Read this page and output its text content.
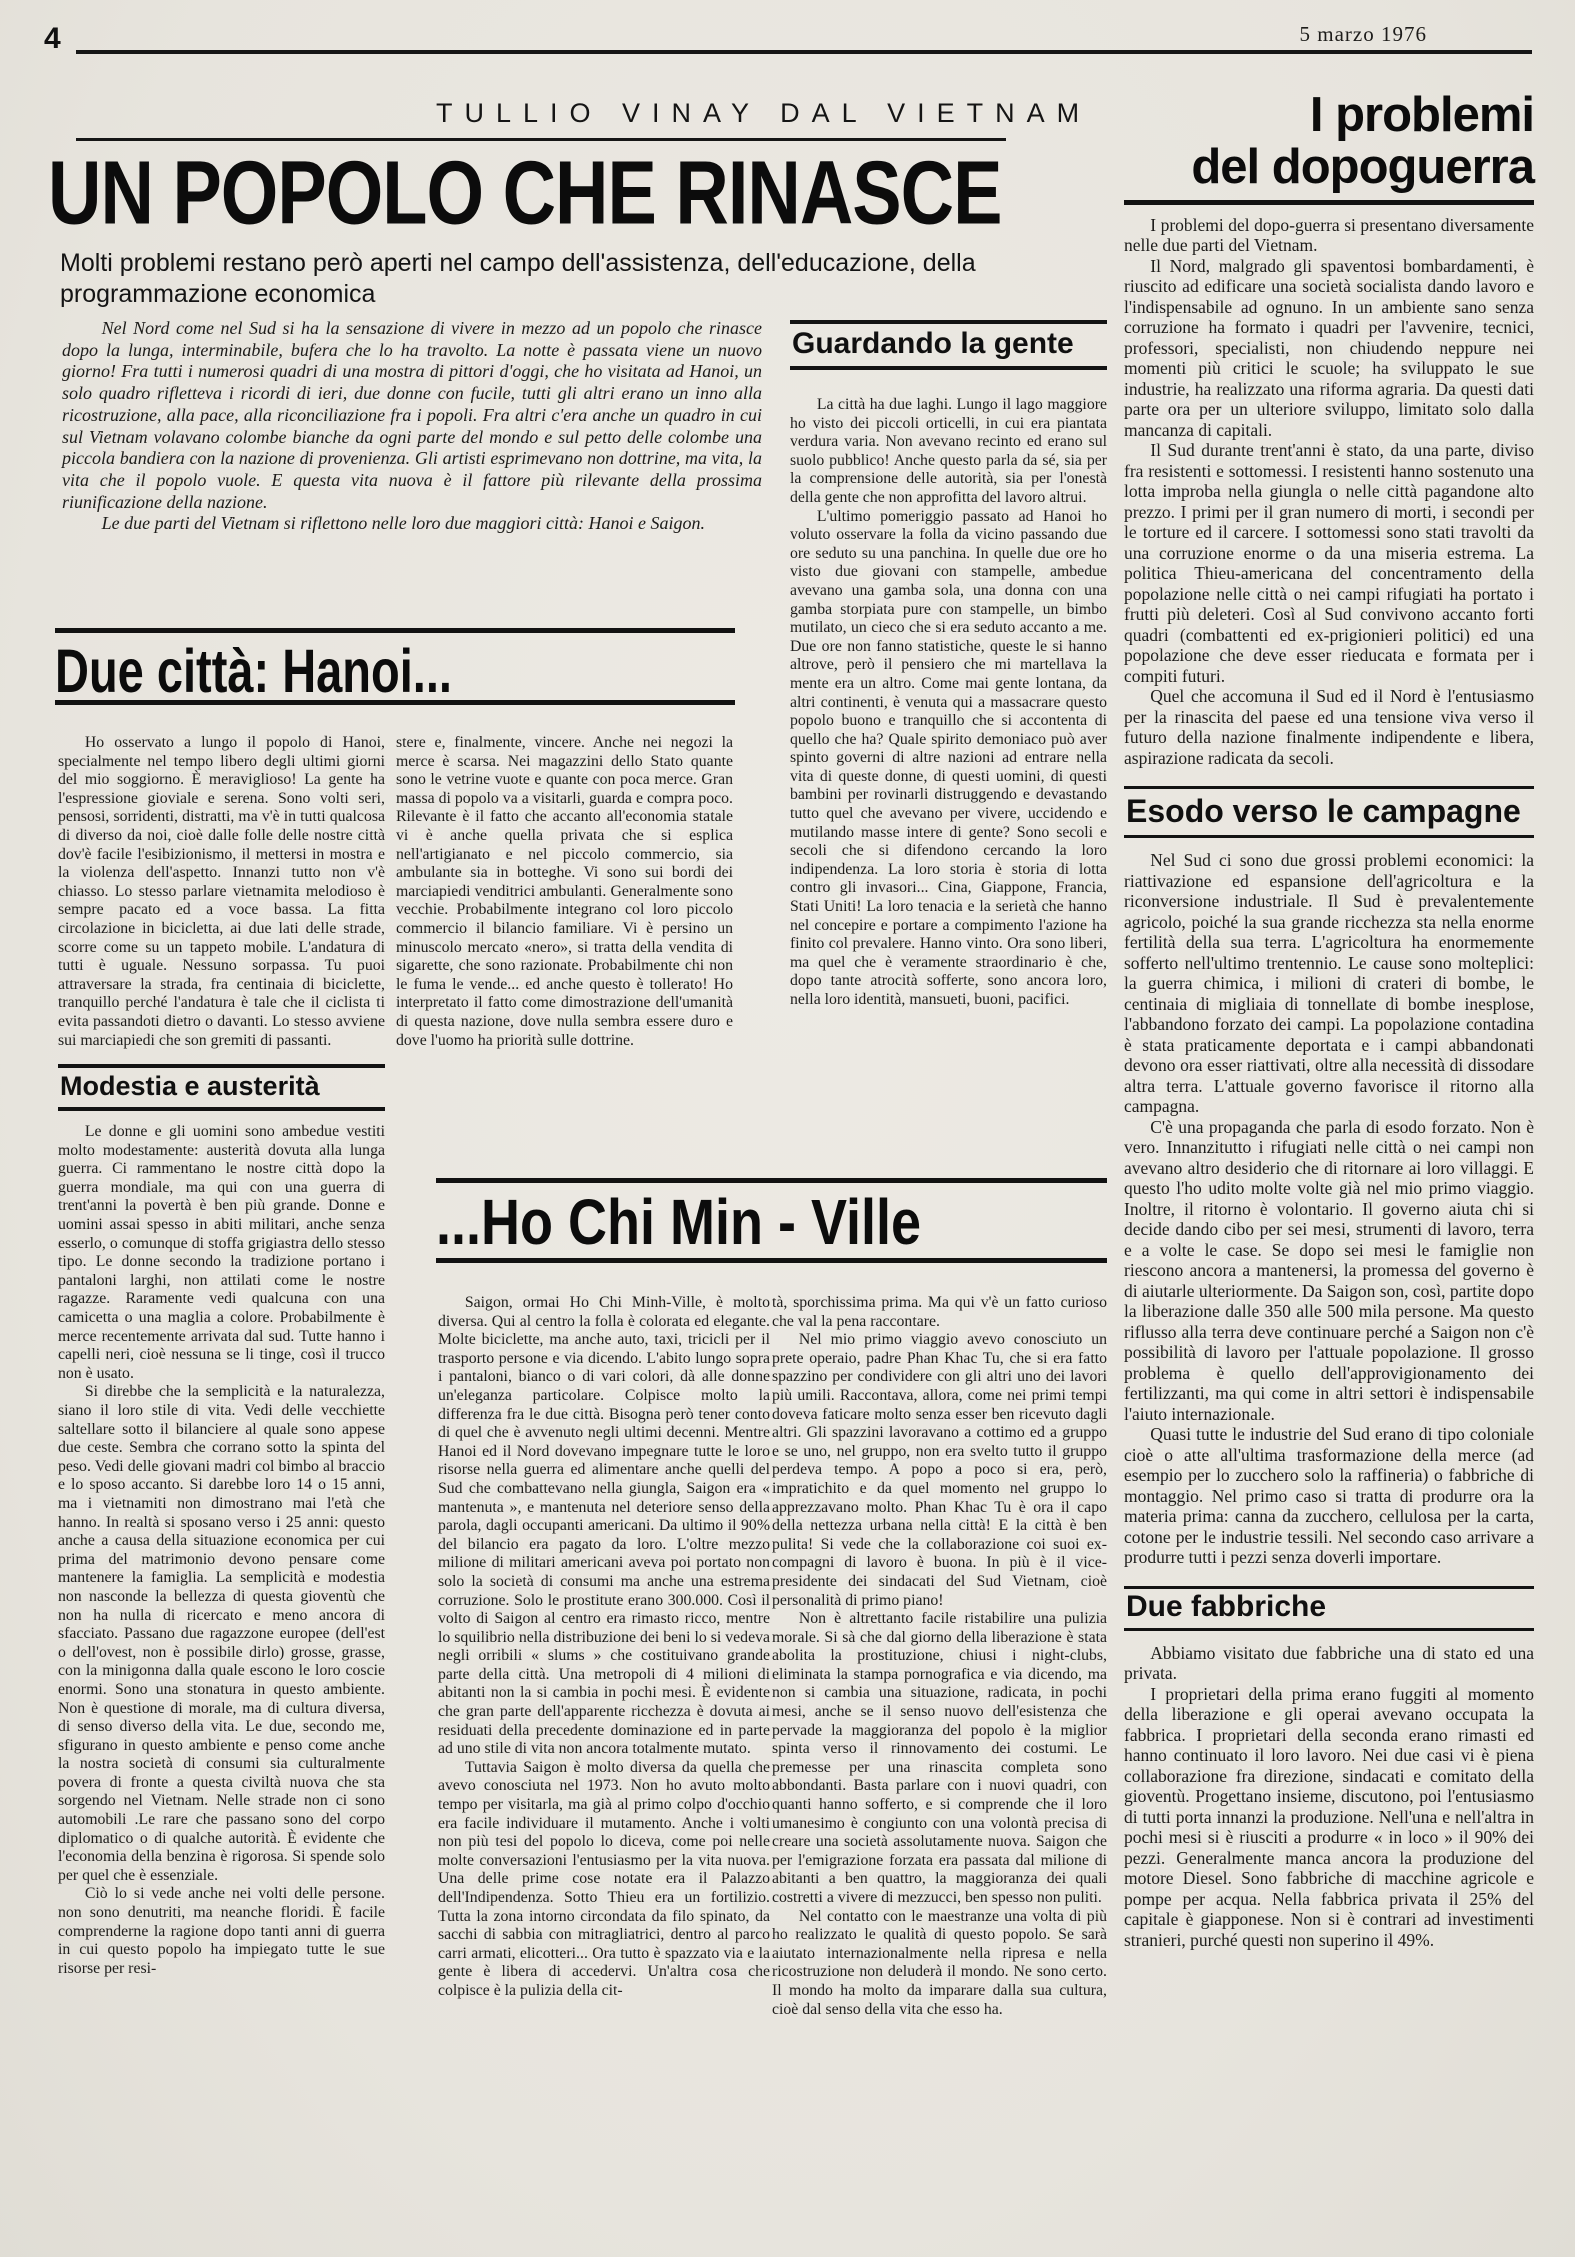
4	5 marzo 1976
TULLIO VINAY DAL VIETNAM
UN POPOLO CHE RINASCE
Molti problemi restano però aperti nel campo dell'assistenza, dell'educazione, della
programmazione economica

Nel Nord come nel Sud si ha la sensazione di vivere in mezzo ad un popolo che rinasce dopo la lunga, interminabile, bufera che lo ha travolto. La notte è passata viene un nuovo giorno! Fra tutti i numerosi quadri di una mostra di pittori d'oggi, che ho visitata ad Hanoi, un solo quadro rifletteva i ricordi di ieri, due donne con fucile, tutti gli altri erano un inno alla ricostruzione, alla pace, alla riconciliazione fra i popoli. Fra altri c'era anche un quadro in cui sul Vietnam volavano colombe bianche da ogni parte del mondo e sul petto delle colombe una piccola bandiera con la nazione di provenienza. Gli artisti esprimevano non dottrine, ma vita, la vita che il popolo vuole. E questa vita nuova è il fattore più rilevante della prossima riunificazione della nazione.

Le due parti del Vietnam si riflettono nelle loro due maggiori città: Hanoi e Saigon.

Guardando la gente

La città ha due laghi. Lungo il lago maggiore ho visto dei piccoli orticelli, in cui era piantata verdura varia. Non avevano recinto ed erano sul suolo pubblico! Anche questo parla da sé, sia per la comprensione delle autorità, sia per l'onestà della gente che non approfitta del lavoro altrui.

L'ultimo pomeriggio passato ad Hanoi ho voluto osservare la folla da vicino passando due ore seduto su una panchina. In quelle due ore ho visto due giovani con stampelle, ambedue avevano una gamba sola, una donna con una gamba storpiata pure con stampelle, un bimbo mutilato, un cieco che si era seduto accanto a me. Due ore non fanno statistiche, queste le si hanno altrove, però il pensiero che mi martellava la mente era un altro. Come mai gente lontana, da altri continenti, è venuta qui a massacrare questo popolo buono e tranquillo che si accontenta di quello che ha? Quale spirito demoniaco può aver spinto governi di altre nazioni ad entrare nella vita di queste donne, di questi uomini, di questi bambini per rovinarli distruggendo e devastando tutto quel che avevano per vivere, uccidendo e mutilando masse intere di gente? Sono secoli e secoli che si difendono cercando la loro indipendenza. La loro storia è storia di lotta contro gli invasori... Cina, Giappone, Francia, Stati Uniti! La loro tenacia e la serietà che hanno nel concepire e portare a compimento l'azione ha finito col prevalere. Hanno vinto. Ora sono liberi, ma quel che è veramente straordinario è che, dopo tante atrocità sofferte, sono ancora loro, nella loro identità, mansueti, buoni, pacifici.

Due città: Hanoi...

Ho osservato a lungo il popolo di Hanoi, specialmente nel tempo libero degli ultimi giorni del mio soggiorno. È meraviglioso! La gente ha l'espressione gioviale e serena. Sono volti seri, pensosi, sorridenti, distratti, ma v'è in tutti qualcosa di diverso da noi, cioè dalle folle delle nostre città dov'è facile l'esibizionismo, il mettersi in mostra e la violenza dell'aspetto. Innanzi tutto non v'è chiasso. Lo stesso parlare vietnamita melodioso è sempre pacato ed a voce bassa. La fitta circolazione in bicicletta, ai due lati delle strade, scorre come su un tappeto mobile. L'andatura di tutti è uguale. Nessuno sorpassa. Tu puoi attraversare la strada, fra centinaia di biciclette, tranquillo perché l'andatura è tale che il ciclista ti evita passandoti dietro o davanti. Lo stesso avviene sui marciapiedi che son gremiti di passanti.

Modestia e austerità

Le donne e gli uomini sono ambedue vestiti molto modestamente: austerità dovuta alla lunga guerra. Ci rammentano le nostre città dopo la guerra mondiale, ma qui con una guerra di trent'anni la povertà è ben più grande. Donne e uomini assai spesso in abiti militari, anche senza esserlo, o comunque di stoffa grigiastra dello stesso tipo. Le donne secondo la tradizione portano i pantaloni larghi, non attilati come le nostre ragazze. Raramente vedi qualcuna con una camicetta o una maglia a colore. Probabilmente è merce recentemente arrivata dal sud. Tutte hanno i capelli neri, cioè nessuna se li tinge, così il trucco non è usato.

Si direbbe che la semplicità e la naturalezza, siano il loro stile di vita. Vedi delle vecchiette saltellare sotto il bilanciere al quale sono appese due ceste. Sembra che corrano sotto la spinta del peso. Vedi delle giovani madri col bimbo al braccio e lo sposo accanto. Si darebbe loro 14 o 15 anni, ma i vietnamiti non dimostrano mai l'età che hanno. In realtà si sposano verso i 25 anni: questo anche a causa della situazione economica per cui prima del matrimonio devono pensare come mantenere la famiglia. La semplicità e modestia non nasconde la bellezza di questa gioventù che non ha nulla di ricercato e meno ancora di sfacciato. Passano due ragazzone europee (dell'est o dell'ovest, non è possibile dirlo) grosse, grasse, con la minigonna dalla quale escono le loro coscie enormi. Sono una stonatura in questo ambiente. Non è questione di morale, ma di cultura diversa, di senso diverso della vita. Le due, secondo me, sfigurano in questo ambiente e penso come anche la nostra società di consumi sia culturalmente povera di fronte a questa civiltà nuova che sta sorgendo nel Vietnam. Nelle strade non ci sono automobili .Le rare che passano sono del corpo diplomatico o di qualche autorità. È evidente che l'economia della benzina è rigorosa. Si spende solo per quel che è essenziale.

Ciò lo si vede anche nei volti delle persone. non sono denutriti, ma neanche floridi. È facile comprenderne la ragione dopo tanti anni di guerra in cui questo popolo ha impiegato tutte le sue risorse per resi-

stere e, finalmente, vincere. Anche nei negozi la merce è scarsa. Nei magazzini dello Stato quante sono le vetrine vuote e quante con poca merce. Gran massa di popolo va a visitarli, guarda e compra poco. Rilevante è il fatto che accanto all'economia statale vi è anche quella privata che si esplica nell'artigianato e nel piccolo commercio, sia ambulante sia in botteghe. Vi sono sui bordi dei marciapiedi venditrici ambulanti. Generalmente sono vecchie. Probabilmente integrano col loro piccolo commercio il bilancio familiare. Vi è persino un minuscolo mercato «nero», si tratta della vendita di sigarette, che sono razionate. Probabilmente chi non le fuma le vende... ed anche questo è tollerato! Ho interpretato il fatto come dimostrazione dell'umanità di questa nazione, dove nulla sembra essere duro e dove l'uomo ha priorità sulle dottrine.

...Ho Chi Min - Ville

Saigon, ormai Ho Chi Minh-Ville, è molto diversa. Qui al centro la folla è colorata ed elegante. Molte biciclette, ma anche auto, taxi, tricicli per il trasporto persone e via dicendo. L'abito lungo sopra i pantaloni, bianco o di vari colori, dà alle donne un'eleganza particolare. Colpisce molto la differenza fra le due città. Bisogna però tener conto di quel che è avvenuto negli ultimi decenni. Mentre Hanoi ed il Nord dovevano impegnare tutte le loro risorse nella guerra ed alimentare anche quelli del Sud che combattevano nella giungla, Saigon era « mantenuta », e mantenuta nel deteriore senso della parola, dagli occupanti americani. Da ultimo il 90% del bilancio era pagato da loro. L'oltre mezzo milione di militari americani aveva poi portato non solo la società di consumi ma anche una estrema corruzione. Solo le prostitute erano 300.000. Così il volto di Saigon al centro era rimasto ricco, mentre lo squilibrio nella distribuzione dei beni lo si vedeva negli orribili « slums » che costituivano grande parte della città. Una metropoli di 4 milioni di abitanti non la si cambia in pochi mesi. È evidente che gran parte dell'apparente ricchezza è dovuta ai residuati della precedente dominazione ed in parte ad uno stile di vita non ancora totalmente mutato.

Tuttavia Saigon è molto diversa da quella che avevo conosciuta nel 1973. Non ho avuto molto tempo per visitarla, ma già al primo colpo d'occhio era facile individuare il mutamento. Anche i volti non più tesi del popolo lo diceva, come poi nelle molte conversazioni l'entusiasmo per la vita nuova. Una delle prime cose notate era il Palazzo dell'Indipendenza. Sotto Thieu era un fortilizio. Tutta la zona intorno circondata da filo spinato, da sacchi di sabbia con mitragliatrici, dentro al parco carri armati, elicotteri... Ora tutto è spazzato via e la gente è libera di accedervi. Un'altra cosa che colpisce è la pulizia della cit-

tà, sporchissima prima. Ma qui v'è un fatto curioso che val la pena raccontare.

Nel mio primo viaggio avevo conosciuto un prete operaio, padre Phan Khac Tu, che si era fatto spazzino per condividere con gli altri uno dei lavori più umili. Raccontava, allora, come nei primi tempi doveva faticare molto senza esser ben ricevuto dagli altri. Gli spazzini lavoravano a cottimo ed a gruppo e se uno, nel gruppo, non era svelto tutto il gruppo perdeva tempo. A popo a poco si era, però, impratichito e da quel momento nel gruppo lo apprezzavano molto. Phan Khac Tu è ora il capo della nettezza urbana nella città! E la città è ben pulita! Si vede che la collaborazione coi suoi ex-compagni di lavoro è buona. In più è il vice-presidente dei sindacati del Sud Vietnam, cioè personalità di primo piano!

Non è altrettanto facile ristabilire una pulizia morale. Si sà che dal giorno della liberazione è stata abolita la prostituzione, chiusi i night-clubs, eliminata la stampa pornografica e via dicendo, ma non si cambia una situazione, radicata, in pochi mesi, anche se il senso nuovo dell'esistenza che pervade la maggioranza del popolo è la miglior spinta verso il rinnovamento dei costumi. Le premesse per una rinascita completa sono abbondanti. Basta parlare con i nuovi quadri, con quanti hanno sofferto, e si comprende che il loro umanesimo è congiunto con una volontà precisa di creare una società assolutamente nuova. Saigon che per l'emigrazione forzata era passata dal milione di abitanti a ben quattro, la maggioranza dei quali costretti a vivere di mezzucci, ben spesso non puliti.

Nel contatto con le maestranze una volta di più ho realizzato le qualità di questo popolo. Se sarà aiutato internazionalmente nella ripresa e nella ricostruzione non deluderà il mondo. Ne sono certo. Il mondo ha molto da imparare dalla sua cultura, cioè dal senso della vita che esso ha.

I problemi
del dopoguerra

I problemi del dopo-guerra si presentano diversamente nelle due parti del Vietnam.

Il Nord, malgrado gli spaventosi bombardamenti, è riuscito ad edificare una società socialista dando lavoro e l'indispensabile ad ognuno. In un ambiente sano senza corruzione ha formato i quadri per l'avvenire, tecnici, professori, specialisti, non chiudendo neppure nei momenti più critici le scuole; ha sviluppato le sue industrie, ha realizzato una riforma agraria. Da questi dati parte ora per un ulteriore sviluppo, limitato solo dalla mancanza di capitali.

Il Sud durante trent'anni è stato, da una parte, diviso fra resistenti e sottomessi. I resistenti hanno sostenuto una lotta improba nella giungla o nelle città pagandone alto prezzo. I primi per il gran numero di morti, i secondi per le torture ed il carcere. I sottomessi sono stati travolti da una corruzione enorme o da una miseria estrema. La politica Thieu-americana del concentramento della popolazione nelle città o nei campi rifugiati ha portato i frutti più deleteri. Così al Sud convivono accanto forti quadri (combattenti ed ex-prigionieri politici) ed una popolazione che deve esser rieducata e formata per i compiti futuri.

Quel che accomuna il Sud ed il Nord è l'entusiasmo per la rinascita del paese ed una tensione viva verso il futuro della nazione finalmente indipendente e libera, aspirazione radicata da secoli.

Esodo verso le campagne

Nel Sud ci sono due grossi problemi economici: la riattivazione ed espansione dell'agricoltura e la riconversione industriale. Il Sud è prevalentemente agricolo, poiché la sua grande ricchezza sta nella enorme fertilità della sua terra. L'agricoltura ha enormemente sofferto nell'ultimo trentennio. Le cause sono molteplici: la guerra chimica, i milioni di crateri di bombe, le centinaia di migliaia di tonnellate di bombe inesplose, l'abbandono forzato dei campi. La popolazione contadina è stata praticamente deportata e i campi abbandonati devono ora esser riattivati, oltre alla necessità di dissodare altra terra. L'attuale governo favorisce il ritorno alla campagna.

C'è una propaganda che parla di esodo forzato. Non è vero. Innanzitutto i rifugiati nelle città o nei campi non avevano altro desiderio che di ritornare ai loro villaggi. E questo l'ho udito molte volte già nel mio primo viaggio. Inoltre, il ritorno è volontario. Il governo aiuta chi si decide dando cibo per sei mesi, strumenti di lavoro, terra e a volte le case. Se dopo sei mesi le famiglie non riescono ancora a mantenersi, la promessa del governo è di aiutarle ulteriormente. Da Saigon son, così, partite dopo la liberazione dalle 350 alle 500 mila persone. Ma questo riflusso alla terra deve continuare perché a Saigon non c'è possibilità di lavoro per l'attuale popolazione. Il grosso problema è quello dell'approvigionamento dei fertilizzanti, ma qui come in altri settori è indispensabile l'aiuto internazionale.

Quasi tutte le industrie del Sud erano di tipo coloniale cioè o atte all'ultima trasformazione della merce (ad esempio per lo zucchero solo la raffineria) o fabbriche di montaggio. Nel primo caso si tratta di produrre ora la materia prima: canna da zucchero, cellulosa per la carta, cotone per le industrie tessili. Nel secondo caso arrivare a produrre tutti i pezzi senza doverli importare.

Due fabbriche

Abbiamo visitato due fabbriche una di stato ed una privata.

I proprietari della prima erano fuggiti al momento della liberazione e gli operai avevano occupata la fabbrica. I proprietari della seconda erano rimasti ed hanno continuato il loro lavoro. Nei due casi vi è piena collaborazione fra direzione, sindacati e comitato della gioventù. Progettano insieme, discutono, poi l'entusiasmo di tutti porta innanzi la produzione. Nell'una e nell'altra in pochi mesi si è riusciti a produrre « in loco » il 90% dei pezzi. Generalmente manca ancora la produzione del motore Diesel. Sono fabbriche di macchine agricole e pompe per acqua. Nella fabbrica privata il 25% del capitale è giapponese. Non si è contrari ad investimenti stranieri, purché questi non superino il 49%.
